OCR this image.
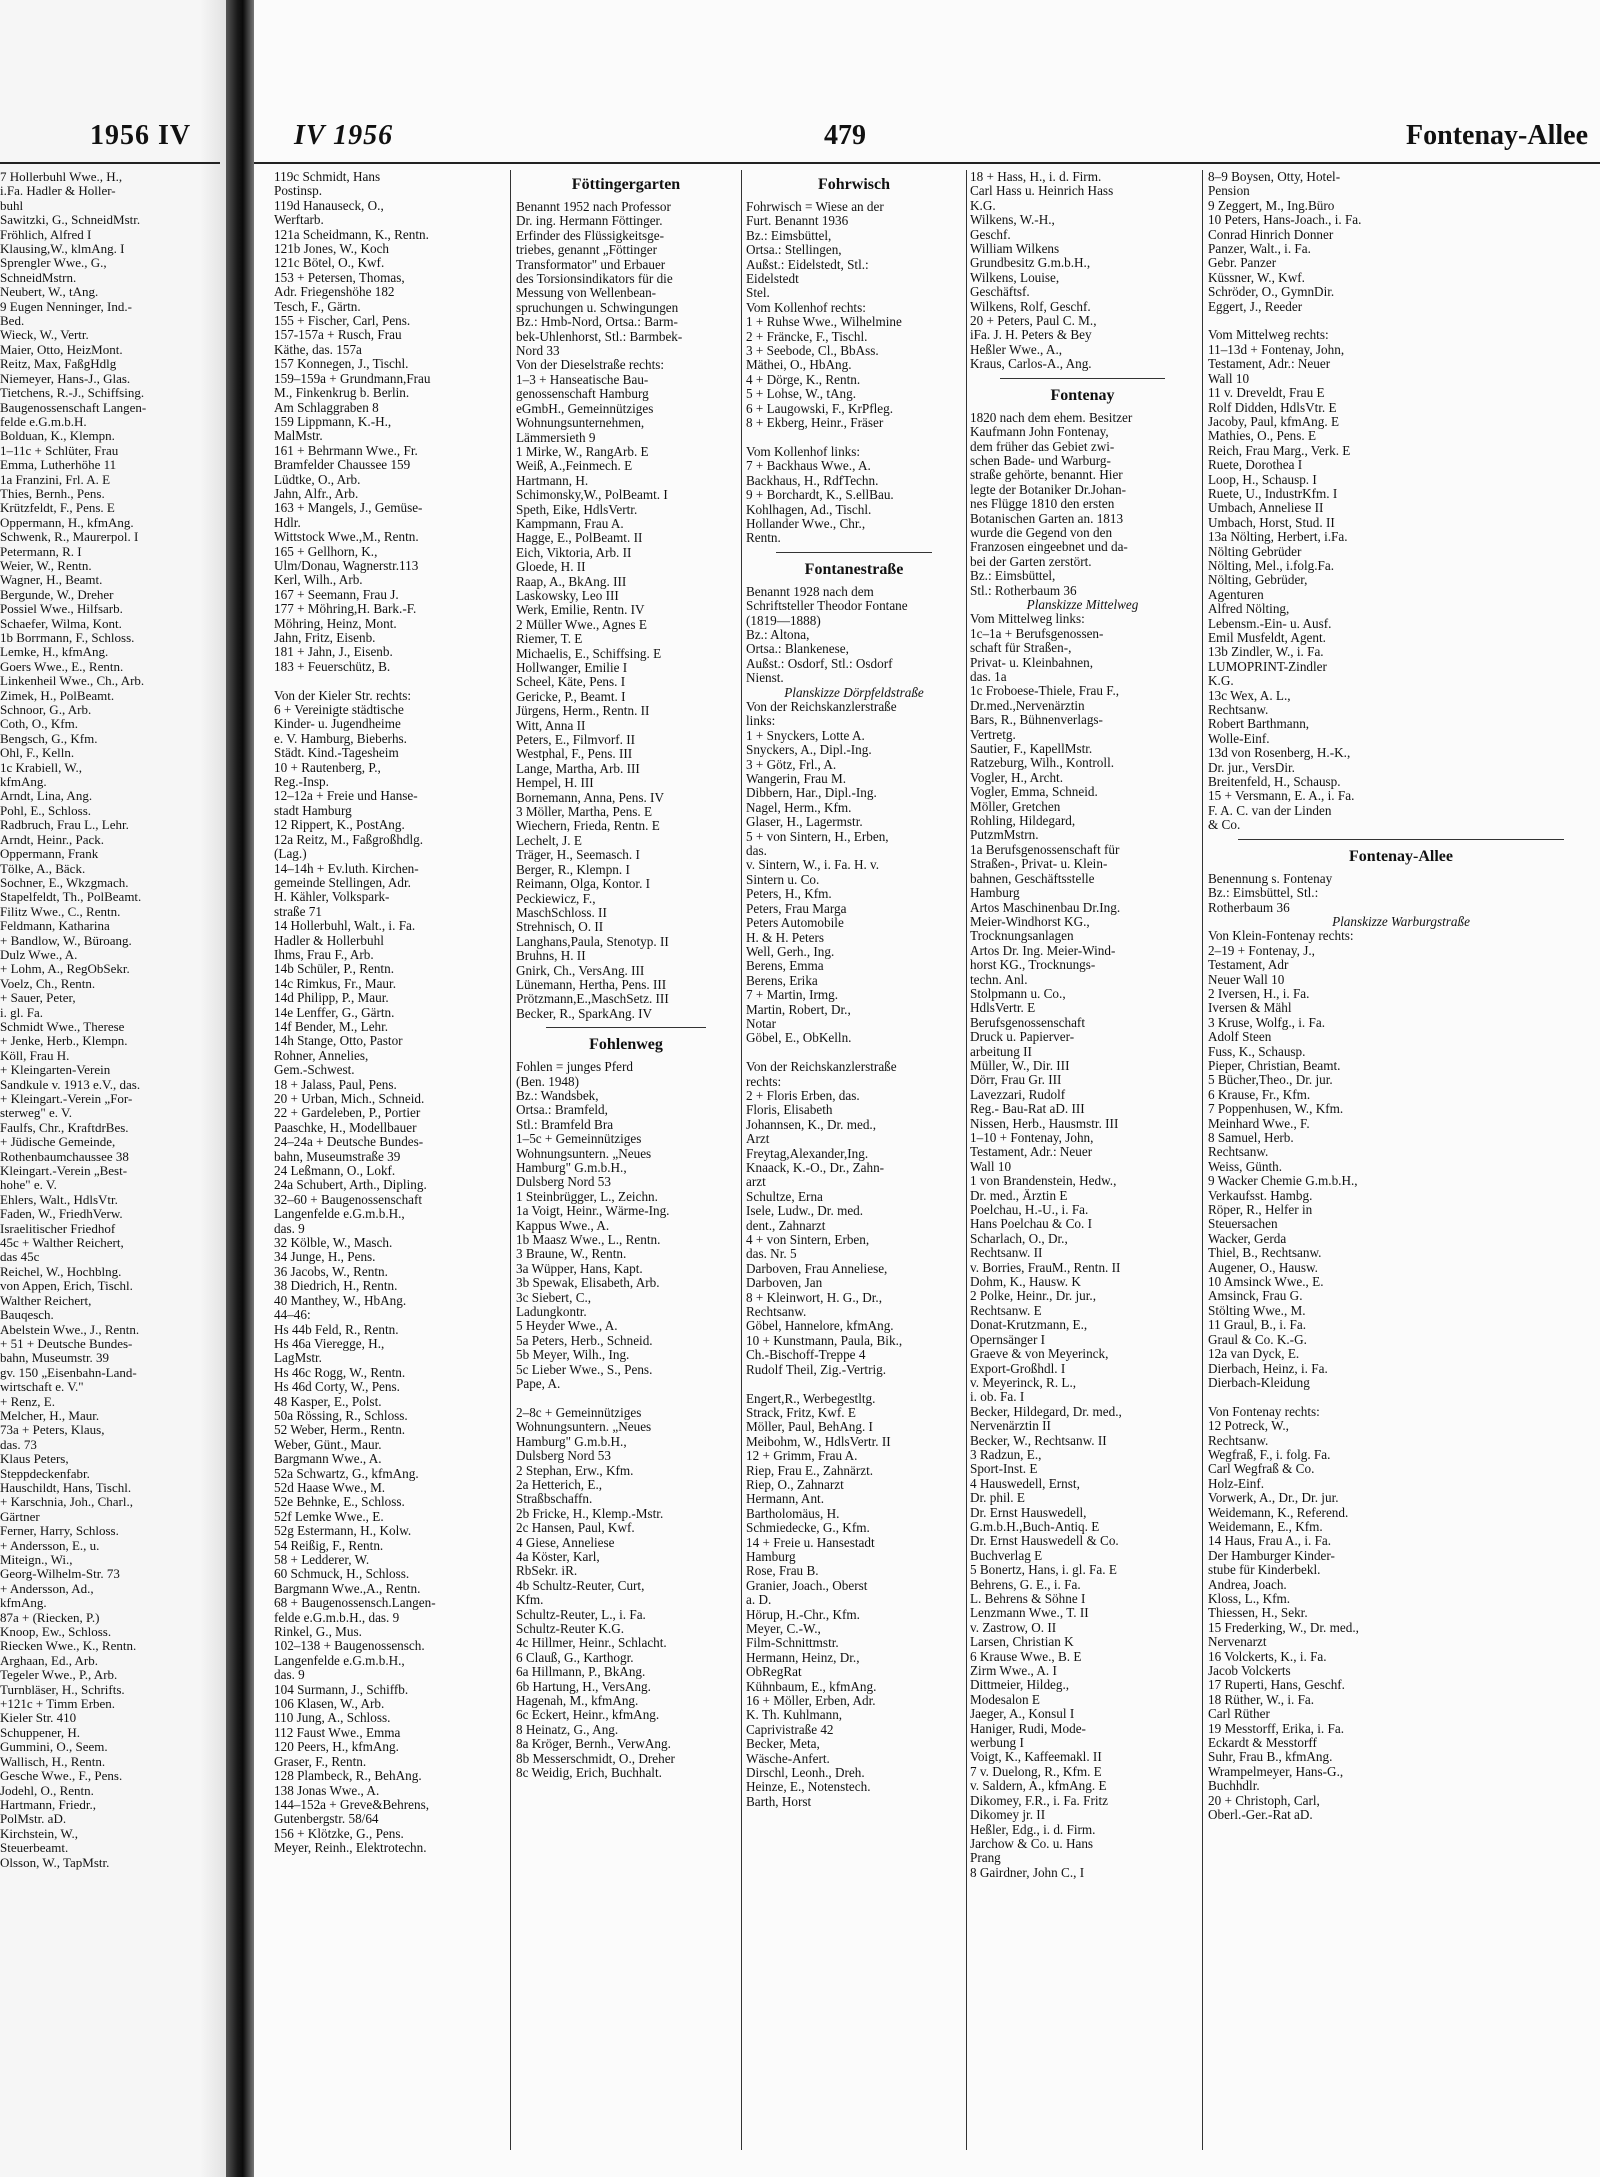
1956 IV
7 Hollerbuhl Wwe., H.,
i.Fa. Hadler & Holler-
buhl
Sawitzki, G., SchneidMstr.
Fröhlich, Alfred I
Klausing,W., klmAng. I
Sprengler Wwe., G.,
SchneidMstrn.
Neubert, W., tAng.
9 Eugen Nenninger, Ind.-
Bed.
Wieck, W., Vertr.
Maier, Otto, HeizMont.
Reitz, Max, FaßgHdlg
Niemeyer, Hans-J., Glas.
Tietchens, R.-J., Schiffsing.
Baugenossenschaft Langen-
felde e.G.m.b.H.
Bolduan, K., Klempn.
1–11c + Schlüter, Frau
Emma, Lutherhöhe 11
1a Franzini, Frl. A. E
Thies, Bernh., Pens.
Krützfeldt, F., Pens. E
Oppermann, H., kfmAng.
Schwenk, R., Maurerpol. I
Petermann, R. I
Weier, W., Rentn.
Wagner, H., Beamt.
Bergunde, W., Dreher
Possiel Wwe., Hilfsarb.
Schaefer, Wilma, Kont.
1b Borrmann, F., Schloss.
Lemke, H., kfmAng.
Goers Wwe., E., Rentn.
Linkenheil Wwe., Ch., Arb.
Zimek, H., PolBeamt.
Schnoor, G., Arb.
Coth, O., Kfm.
Bengsch, G., Kfm.
Ohl, F., Kelln.
1c Krabiell, W.,
kfmAng.
Arndt, Lina, Ang.
Pohl, E., Schloss.
Radbruch, Frau L., Lehr.
Arndt, Heinr., Pack.
Oppermann, Frank
Tölke, A., Bäck.
Sochner, E., Wkzgmach.
Stapelfeldt, Th., PolBeamt.
Filitz Wwe., C., Rentn.
Feldmann, Katharina
+ Bandlow, W., Büroang.
Dulz Wwe., A.
+ Lohm, A., RegObSekr.
Voelz, Ch., Rentn.
+ Sauer, Peter,
i. gl. Fa.
Schmidt Wwe., Therese
+ Jenke, Herb., Klempn.
Köll, Frau H.
+ Kleingarten-Verein
Sandkule v. 1913 e.V., das.
+ Kleingart.-Verein „For-
sterweg" e. V.
Faulfs, Chr., KraftdrBes.
+ Jüdische Gemeinde,
Rothenbaumchaussee 38
Kleingart.-Verein „Best-
hohe" e. V.
Ehlers, Walt., HdlsVtr.
Faden, W., FriedhVerw.
Israelitischer Friedhof
45c + Walther Reichert,
das 45c
Reichel, W., Hochblng.
von Appen, Erich, Tischl.
Walther Reichert,
Bauqesch.
Abelstein Wwe., J., Rentn.
+ 51 + Deutsche Bundes-
bahn, Museumstr. 39
gv. 150 „Eisenbahn-Land-
wirtschaft e. V."
+ Renz, E.
Melcher, H., Maur.
73a + Peters, Klaus,
das. 73
Klaus Peters,
Steppdeckenfabr.
Hauschildt, Hans, Tischl.
+ Karschnia, Joh., Charl.,
Gärtner
Ferner, Harry, Schloss.
+ Andersson, E., u.
Miteign., Wi.,
Georg-Wilhelm-Str. 73
+ Andersson, Ad.,
kfmAng.
87a + (Riecken, P.)
Knoop, Ew., Schloss.
Riecken Wwe., K., Rentn.
Arghaan, Ed., Arb.
Tegeler Wwe., P., Arb.
Turnbläser, H., Schrifts.
+121c + Timm Erben.
Kieler Str. 410
Schuppener, H.
Gummini, O., Seem.
Wallisch, H., Rentn.
Gesche Wwe., F., Pens.
Jodehl, O., Rentn.
Hartmann, Friedr.,
PolMstr. aD.
Kirchstein, W.,
Steuerbeamt.
Olsson, W., TapMstr.
IV 1956	479	Fontenay-Allee
119c Schmidt, Hans
Postinsp.
119d Hanauseck, O.,
Werftarb.
121a Scheidmann, K., Rentn.
121b Jones, W., Koch
121c Bötel, O., Kwf.
153 + Petersen, Thomas,
Adr. Friegenshöhe 182
Tesch, F., Gärtn.
155 + Fischer, Carl, Pens.
157-157a + Rusch, Frau
Käthe, das. 157a
157 Konnegen, J., Tischl.
159–159a + Grundmann,Frau
M., Finkenkrug b. Berlin.
Am Schlaggraben 8
159 Lippmann, K.-H.,
MalMstr.
161 + Behrmann Wwe., Fr.
Bramfelder Chaussee 159
Lüdtke, O., Arb.
Jahn, Alfr., Arb.
163 + Mangels, J., Gemüse-
Hdlr.
Wittstock Wwe.,M., Rentn.
165 + Gellhorn, K.,
Ulm/Donau, Wagnerstr.113
Kerl, Wilh., Arb.
167 + Seemann, Frau J.
177 + Möhring,H. Bark.-F.
Möhring, Heinz, Mont.
Jahn, Fritz, Eisenb.
181 + Jahn, J., Eisenb.
183 + Feuerschütz, B.

Von der Kieler Str. rechts:
6 + Vereinigte städtische
Kinder- u. Jugendheime
e. V. Hamburg, Bieberhs.
Städt. Kind.-Tagesheim
10 + Rautenberg, P.,
Reg.-Insp.
12–12a + Freie und Hanse-
stadt Hamburg
12 Rippert, K., PostAng.
12a Reitz, M., Faßgroßhdlg.
(Lag.)
14–14h + Ev.luth. Kirchen-
gemeinde Stellingen, Adr.
H. Kähler, Volkspark-
straße 71
14 Hollerbuhl, Walt., i. Fa.
Hadler & Hollerbuhl
Ihms, Frau F., Arb.
14b Schüler, P., Rentn.
14c Rimkus, Fr., Maur.
14d Philipp, P., Maur.
14e Lenffer, G., Gärtn.
14f Bender, M., Lehr.
14h Stange, Otto, Pastor
Rohner, Annelies,
Gem.-Schwest.
18 + Jalass, Paul, Pens.
20 + Urban, Mich., Schneid.
22 + Gardeleben, P., Portier
Paaschke, H., Modellbauer
24–24a + Deutsche Bundes-
bahn, Museumstraße 39
24 Leßmann, O., Lokf.
24a Schubert, Arth., Dipling.
32–60 + Baugenossenschaft
Langenfelde e.G.m.b.H.,
das. 9
32 Kölble, W., Masch.
34 Junge, H., Pens.
36 Jacobs, W., Rentn.
38 Diedrich, H., Rentn.
40 Manthey, W., HbAng.
44–46:
Hs 44b Feld, R., Rentn.
Hs 46a Vieregge, H.,
LagMstr.
Hs 46c Rogg, W., Rentn.
Hs 46d Corty, W., Pens.
48 Kasper, E., Polst.
50a Rössing, R., Schloss.
52 Weber, Herm., Rentn.
Weber, Günt., Maur.
Bargmann Wwe., A.
52a Schwartz, G., kfmAng.
52d Haase Wwe., M.
52e Behnke, E., Schloss.
52f Lemke Wwe., E.
52g Estermann, H., Kolw.
54 Reißig, F., Rentn.
58 + Ledderer, W.
60 Schmuck, H., Schloss.
Bargmann Wwe.,A., Rentn.
68 + Baugenossensch.Langen-
felde e.G.m.b.H., das. 9
Rinkel, G., Mus.
102–138 + Baugenossensch.
Langenfelde e.G.m.b.H.,
das. 9
104 Surmann, J., Schiffb.
106 Klasen, W., Arb.
110 Jung, A., Schloss.
112 Faust Wwe., Emma
120 Peers, H., kfmAng.
Graser, F., Rentn.
128 Plambeck, R., BehAng.
138 Jonas Wwe., A.
144–152a + Greve&Behrens,
Gutenbergstr. 58/64
156 + Klötzke, G., Pens.
Meyer, Reinh., Elektrotechn.
Föttingergarten
Benannt 1952 nach Professor
Dr. ing. Hermann Föttinger.
Erfinder des Flüssigkeitsge-
triebes, genannt „Föttinger
Transformator" und Erbauer
des Torsionsindikators für die
Messung von Wellenbean-
spruchungen u. Schwingungen
Bz.: Hmb-Nord, Ortsa.: Barm-
bek-Uhlenhorst, Stl.: Barmbek-
Nord 33
Von der Dieselstraße rechts:
1–3 + Hanseatische Bau-
genossenschaft Hamburg
eGmbH., Gemeinnütziges
Wohnungsunternehmen,
Lämmersieth 9
1 Mirke, W., RangArb. E
Weiß, A.,Feinmech. E
Hartmann, H.
Schimonsky,W., PolBeamt. I
Speth, Eike, HdlsVertr.
Kampmann, Frau A.
Hagge, E., PolBeamt. II
Eich, Viktoria, Arb. II
Gloede, H. II
Raap, A., BkAng. III
Laskowsky, Leo III
Werk, Emilie, Rentn. IV
2 Müller Wwe., Agnes E
Riemer, T. E
Michaelis, E., Schiffsing. E
Hollwanger, Emilie I
Scheel, Käte, Pens. I
Gericke, P., Beamt. I
Jürgens, Herm., Rentn. II
Witt, Anna II
Peters, E., Filmvorf. II
Westphal, F., Pens. III
Lange, Martha, Arb. III
Hempel, H. III
Bornemann, Anna, Pens. IV
3 Möller, Martha, Pens. E
Wiechern, Frieda, Rentn. E
Lechelt, J. E
Träger, H., Seemasch. I
Berger, R., Klempn. I
Reimann, Olga, Kontor. I
Peckiewicz, F.,
MaschSchloss. II
Strehnisch, O. II
Langhans,Paula, Stenotyp. II
Bruhns, H. II
Gnirk, Ch., VersAng. III
Lünemann, Hertha, Pens. III
Prötzmann,E.,MaschSetz. III
Becker, R., SparkAng. IV
Fohlenweg
Fohlen = junges Pferd
(Ben. 1948)
Bz.: Wandsbek,
Ortsa.: Bramfeld,
Stl.: Bramfeld Bra
1–5c + Gemeinnütziges
Wohnungsuntern. „Neues
Hamburg" G.m.b.H.,
Dulsberg Nord 53
1 Steinbrügger, L., Zeichn.
1a Voigt, Heinr., Wärme-Ing.
Kappus Wwe., A.
1b Maasz Wwe., L., Rentn.
3 Braune, W., Rentn.
3a Wüpper, Hans, Kapt.
3b Spewak, Elisabeth, Arb.
3c Siebert, C.,
Ladungkontr.
5 Heyder Wwe., A.
5a Peters, Herb., Schneid.
5b Meyer, Wilh., Ing.
5c Lieber Wwe., S., Pens.
Pape, A.

2–8c + Gemeinnütziges
Wohnungsuntern. „Neues
Hamburg" G.m.b.H.,
Dulsberg Nord 53
2 Stephan, Erw., Kfm.
2a Hetterich, E.,
Straßbschaffn.
2b Fricke, H., Klemp.-Mstr.
2c Hansen, Paul, Kwf.
4 Giese, Anneliese
4a Köster, Karl,
RbSekr. iR.
4b Schultz-Reuter, Curt,
Kfm.
Schultz-Reuter, L., i. Fa.
Schultz-Reuter K.G.
4c Hillmer, Heinr., Schlacht.
6 Clauß, G., Karthogr.
6a Hillmann, P., BkAng.
6b Hartung, H., VersAng.
Hagenah, M., kfmAng.
6c Eckert, Heinr., kfmAng.
8 Heinatz, G., Ang.
8a Kröger, Bernh., VerwAng.
8b Messerschmidt, O., Dreher
8c Weidig, Erich, Buchhalt.
Fohrwisch
Fohrwisch = Wiese an der
Furt. Benannt 1936
Bz.: Eimsbüttel,
Ortsa.: Stellingen,
Außst.: Eidelstedt, Stl.:
Eidelstedt
Stel.
Vom Kollenhof rechts:
1 + Ruhse Wwe., Wilhelmine
2 + Fräncke, F., Tischl.
3 + Seebode, Cl., BbAss.
Mäthei, O., HbAng.
4 + Dörge, K., Rentn.
5 + Lohse, W., tAng.
6 + Laugowski, F., KrPfleg.
8 + Ekberg, Heinr., Fräser

Vom Kollenhof links:
7 + Backhaus Wwe., A.
Backhaus, H., RdfTechn.
9 + Borchardt, K., S.ellBau.
Kohlhagen, Ad., Tischl.
Hollander Wwe., Chr.,
Rentn.
Fontanestraße
Benannt 1928 nach dem
Schriftsteller Theodor Fontane
(1819—1888)
Bz.: Altona,
Ortsa.: Blankenese,
Außst.: Osdorf, Stl.: Osdorf
Nienst.
Planskizze Dörpfeldstraße
Von der Reichskanzlerstraße
links:
1 + Snyckers, Lotte A.
Snyckers, A., Dipl.-Ing.
3 + Götz, Frl., A.
Wangerin, Frau M.
Dibbern, Har., Dipl.-Ing.
Nagel, Herm., Kfm.
Glaser, H., Lagermstr.
5 + von Sintern, H., Erben,
das.
v. Sintern, W., i. Fa. H. v.
Sintern u. Co.
Peters, H., Kfm.
Peters, Frau Marga
Peters Automobile
H. & H. Peters
Well, Gerh., Ing.
Berens, Emma
Berens, Erika
7 + Martin, Irmg.
Martin, Robert, Dr.,
Notar
Göbel, E., ObKelln.

Von der Reichskanzlerstraße
rechts:
2 + Floris Erben, das.
Floris, Elisabeth
Johannsen, K., Dr. med.,
Arzt
Freytag,Alexander,Ing.
Knaack, K.-O., Dr., Zahn-
arzt
Schultze, Erna
Isele, Ludw., Dr. med.
dent., Zahnarzt
4 + von Sintern, Erben,
das. Nr. 5
Darboven, Frau Anneliese,
Darboven, Jan
8 + Kleinwort, H. G., Dr.,
Rechtsanw.
Göbel, Hannelore, kfmAng.
10 + Kunstmann, Paula, Bik.,
Ch.-Bischoff-Treppe 4
Rudolf Theil, Zig.-Vertrig.

Engert,R., Werbegestltg.
Strack, Fritz, Kwf. E
Möller, Paul, BehAng. I
Meibohm, W., HdlsVertr. II
12 + Grimm, Frau A.
Riep, Frau E., Zahnärzt.
Riep, O., Zahnarzt
Hermann, Ant.
Bartholomäus, H.
Schmiedecke, G., Kfm.
14 + Freie u. Hansestadt
Hamburg
Rose, Frau B.
Granier, Joach., Oberst
a. D.
Hörup, H.-Chr., Kfm.
Meyer, C.-W.,
Film-Schnittmstr.
Hermann, Heinz, Dr.,
ObRegRat
Kühnbaum, E., kfmAng.
16 + Möller, Erben, Adr.
K. Th. Kuhlmann,
Caprivistraße 42
Becker, Meta,
Wäsche-Anfert.
Dirschl, Leonh., Dreh.
Heinze, E., Notenstech.
Barth, Horst
18 + Hass, H., i. d. Firm.
Carl Hass u. Heinrich Hass
K.G.
Wilkens, W.-H.,
Geschf.
William Wilkens
Grundbesitz G.m.b.H.,
Wilkens, Louise,
Geschäftsf.
Wilkens, Rolf, Geschf.
20 + Peters, Paul C. M.,
iFa. J. H. Peters & Bey
Heßler Wwe., A.,
Kraus, Carlos-A., Ang.
Fontenay
1820 nach dem ehem. Besitzer
Kaufmann John Fontenay,
dem früher das Gebiet zwi-
schen Bade- und Warburg-
straße gehörte, benannt. Hier
legte der Botaniker Dr.Johan-
nes Flügge 1810 den ersten
Botanischen Garten an. 1813
wurde die Gegend von den
Franzosen eingeebnet und da-
bei der Garten zerstört.
Bz.: Eimsbüttel,
Stl.: Rotherbaum 36
Planskizze Mittelweg
Vom Mittelweg links:
1c–1a + Berufsgenossen-
schaft für Straßen-,
Privat- u. Kleinbahnen,
das. 1a
1c Froboese-Thiele, Frau F.,
Dr.med.,Nervenärztin
Bars, R., Bühnenverlags-
Vertretg.
Sautier, F., KapellMstr.
Ratzeburg, Wilh., Kontroll.
Vogler, H., Archt.
Vogler, Emma, Schneid.
Möller, Gretchen
Rohling, Hildegard,
PutzmMstrn.
1a Berufsgenossenschaft für
Straßen-, Privat- u. Klein-
bahnen, Geschäftsstelle
Hamburg
Artos Maschinenbau Dr.Ing.
Meier-Windhorst KG.,
Trocknungsanlagen
Artos Dr. Ing. Meier-Wind-
horst KG., Trocknungs-
techn. Anl.
Stolpmann u. Co.,
HdlsVertr. E
Berufsgenossenschaft
Druck u. Papierver-
arbeitung II
Müller, W., Dir. III
Dörr, Frau Gr. III
Lavezzari, Rudolf
Reg.- Bau-Rat aD. III
Nissen, Herb., Hausmstr. III
1–10 + Fontenay, John,
Testament, Adr.: Neuer
Wall 10
1 von Brandenstein, Hedw.,
Dr. med., Ärztin E
Poelchau, H.-U., i. Fa.
Hans Poelchau & Co. I
Scharlach, O., Dr.,
Rechtsanw. II
v. Borries, FrauM., Rentn. II
Dohm, K., Hausw. K
2 Polke, Heinr., Dr. jur.,
Rechtsanw. E
Donat-Krutzmann, E.,
Opernsänger I
Graeve & von Meyerinck,
Export-Großhdl. I
v. Meyerinck, R. L.,
i. ob. Fa. I
Becker, Hildegard, Dr. med.,
Nervenärztin II
Becker, W., Rechtsanw. II
3 Radzun, E.,
Sport-Inst. E
4 Hauswedell, Ernst,
Dr. phil. E
Dr. Ernst Hauswedell,
G.m.b.H.,Buch-Antiq. E
Dr. Ernst Hauswedell & Co.
Buchverlag E
5 Bonertz, Hans, i. gl. Fa. E
Behrens, G. E., i. Fa.
L. Behrens & Söhne I
Lenzmann Wwe., T. II
v. Zastrow, O. II
Larsen, Christian K
6 Krause Wwe., B. E
Zirm Wwe., A. I
Dittmeier, Hildeg.,
Modesalon E
Jaeger, A., Konsul I
Haniger, Rudi, Mode-
werbung I
Voigt, K., Kaffeemakl. II
7 v. Duelong, R., Kfm. E
v. Saldern, A., kfmAng. E
Dikomey, F.R., i. Fa. Fritz
Dikomey jr. II
Heßler, Edg., i. d. Firm.
Jarchow & Co. u. Hans
Prang
8 Gairdner, John C., I
8–9 Boysen, Otty, Hotel-
Pension
9 Zeggert, M., Ing.Büro
10 Peters, Hans-Joach., i. Fa.
Conrad Hinrich Donner
Panzer, Walt., i. Fa.
Gebr. Panzer
Küssner, W., Kwf.
Schröder, O., GymnDir.
Eggert, J., Reeder

Vom Mittelweg rechts:
11–13d + Fontenay, John,
Testament, Adr.: Neuer
Wall 10
11 v. Dreveldt, Frau E
Rolf Didden, HdlsVtr. E
Jacoby, Paul, kfmAng. E
Mathies, O., Pens. E
Reich, Frau Marg., Verk. E
Ruete, Dorothea I
Loop, H., Schausp. I
Ruete, U., IndustrKfm. I
Umbach, Anneliese II
Umbach, Horst, Stud. II
13a Nölting, Herbert, i.Fa.
Nölting Gebrüder
Nölting, Mel., i.folg.Fa.
Nölting, Gebrüder,
Agenturen
Alfred Nölting,
Lebensm.-Ein- u. Ausf.
Emil Musfeldt, Agent.
13b Zindler, W., i. Fa.
LUMOPRINT-Zindler
K.G.
13c Wex, A. L.,
Rechtsanw.
Robert Barthmann,
Wolle-Einf.
13d von Rosenberg, H.-K.,
Dr. jur., VersDir.
Breitenfeld, H., Schausp.
15 + Versmann, E. A., i. Fa.
F. A. C. van der Linden
& Co.
Fontenay-Allee
Benennung s. Fontenay
Bz.: Eimsbüttel, Stl.:
Rotherbaum 36
Planskizze Warburgstraße
Von Klein-Fontenay rechts:
2–19 + Fontenay, J.,
Testament, Adr
Neuer Wall 10
2 Iversen, H., i. Fa.
Iversen & Mähl
3 Kruse, Wolfg., i. Fa.
Adolf Steen
Fuss, K., Schausp.
Pieper, Christian, Beamt.
5 Bücher,Theo., Dr. jur.
6 Krause, Fr., Kfm.
7 Poppenhusen, W., Kfm.
Meinhard Wwe., F.
8 Samuel, Herb.
Rechtsanw.
Weiss, Günth.
9 Wacker Chemie G.m.b.H.,
Verkaufsst. Hambg.
Röper, R., Helfer in
Steuersachen
Wacker, Gerda
Thiel, B., Rechtsanw.
Augener, O., Hausw.
10 Amsinck Wwe., E.
Amsinck, Frau G.
Stölting Wwe., M.
11 Graul, B., i. Fa.
Graul & Co. K.-G.
12a van Dyck, E.
Dierbach, Heinz, i. Fa.
Dierbach-Kleidung

Von Fontenay rechts:
12 Potreck, W.,
Rechtsanw.
Wegfraß, F., i. folg. Fa.
Carl Wegfraß & Co.
Holz-Einf.
Vorwerk, A., Dr., Dr. jur.
Weidemann, K., Referend.
Weidemann, E., Kfm.
14 Haus, Frau A., i. Fa.
Der Hamburger Kinder-
stube für Kinderbekl.
Andrea, Joach.
Kloss, L., Kfm.
Thiessen, H., Sekr.
15 Frederking, W., Dr. med.,
Nervenarzt
16 Volckerts, K., i. Fa.
Jacob Volckerts
17 Ruperti, Hans, Geschf.
18 Rüther, W., i. Fa.
Carl Rüther
19 Messtorff, Erika, i. Fa.
Eckardt & Messtorff
Suhr, Frau B., kfmAng.
Wrampelmeyer, Hans-G.,
Buchhdlr.
20 + Christoph, Carl,
Oberl.-Ger.-Rat aD.
